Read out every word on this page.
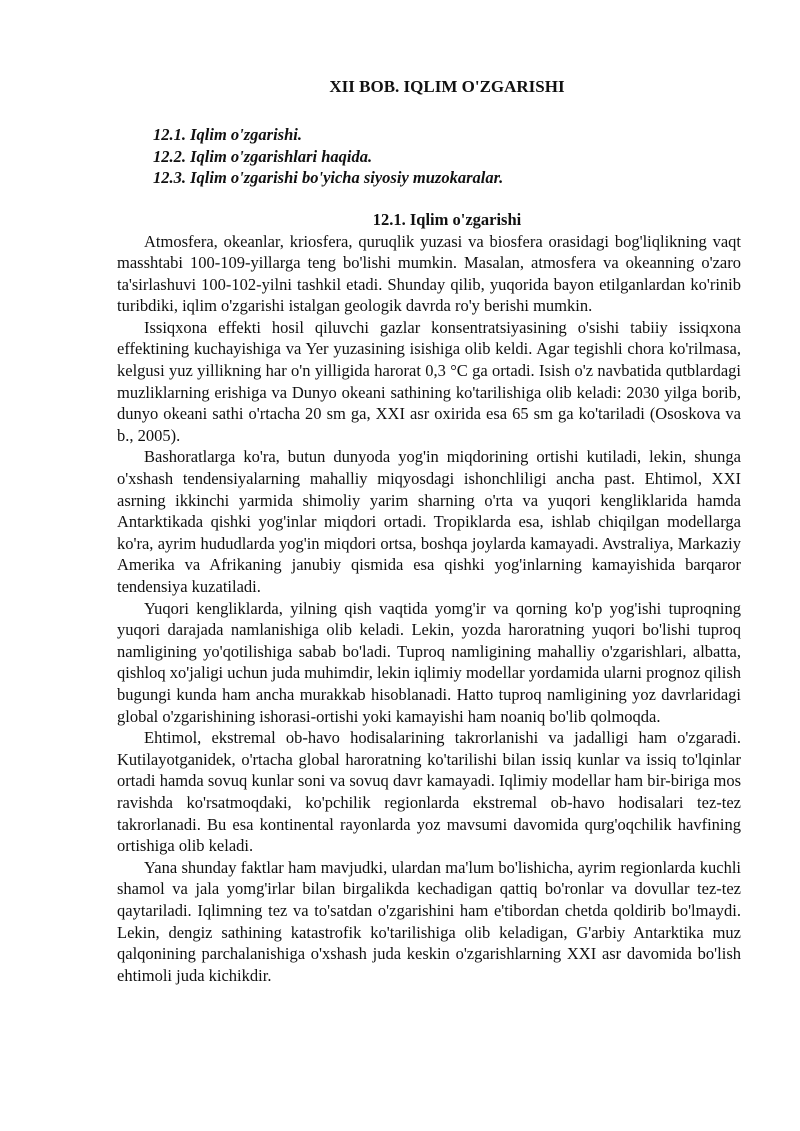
XII BOB. IQLIM O'ZGARISHI
12.1. Iqlim o'zgarishi.
12.2. Iqlim o'zgarishlari haqida.
12.3. Iqlim o'zgarishi bo'yicha siyosiy muzokaralar.
12.1. Iqlim o'zgarishi

Atmosfera, okeanlar, kriosfera, quruqlik yuzasi va biosfera orasidagi bog'liqlikning vaqt masshtabi 100-109-yillarga teng bo'lishi mumkin. Masalan, atmosfera va okeanning o'zaro ta'sirlashuvi 100-102-yilni tashkil etadi. Shunday qilib, yuqorida bayon etilganlardan ko'rinib turibdiki, iqlim o'zgarishi istalgan geologik davrda ro'y berishi mumkin.

Issiqxona effekti hosil qiluvchi gazlar konsentratsiyasining o'sishi tabiiy issiqxona effektining kuchayishiga va Yer yuzasining isishiga olib keldi. Agar tegishli chora ko'rilmasa, kelgusi yuz yillikning har o'n yilligida harorat 0,3 °C ga ortadi. Isish o'z navbatida qutblardagi muzliklarning erishiga va Dunyo okeani sathining ko'tarilishiga olib keladi: 2030 yilga borib, dunyo okeani sathi o'rtacha 20 sm ga, XXI asr oxirida esa 65 sm ga ko'tariladi (Ososkova va b., 2005).

Bashoratlarga ko'ra, butun dunyoda yog'in miqdorining ortishi kutiladi, lekin, shunga o'xshash tendensiyalarning mahalliy miqyosdagi ishonchliligi ancha past. Ehtimol, XXI asrning ikkinchi yarmida shimoliy yarim sharning o'rta va yuqori kengliklarida hamda Antarktikada qishki yog'inlar miqdori ortadi. Tropiklarda esa, ishlab chiqilgan modellarga ko'ra, ayrim hududlarda yog'in miqdori ortsa, boshqa joylarda kamayadi. Avstraliya, Markaziy Amerika va Afrikaning janubiy qismida esa qishki yog'inlarning kamayishida barqaror tendensiya kuzatiladi.

Yuqori kengliklarda, yilning qish vaqtida yomg'ir va qorning ko'p yog'ishi tuproqning yuqori darajada namlanishiga olib keladi. Lekin, yozda haroratning yuqori bo'lishi tuproq namligining yo'qotilishiga sabab bo'ladi. Tuproq namligining mahalliy o'zgarishlari, albatta, qishloq xo'jaligi uchun juda muhimdir, lekin iqlimiy modellar yordamida ularni prognoz qilish bugungi kunda ham ancha murakkab hisoblanadi. Hatto tuproq namligining yoz davrlaridagi global o'zgarishining ishorasi-ortishi yoki kamayishi ham noaniq bo'lib qolmoqda.

Ehtimol, ekstremal ob-havo hodisalarining takrorlanishi va jadalligi ham o'zgaradi. Kutilayotganidek, o'rtacha global haroratning ko'tarilishi bilan issiq kunlar va issiq to'lqinlar ortadi hamda sovuq kunlar soni va sovuq davr kamayadi. Iqlimiy modellar ham bir-biriga mos ravishda ko'rsatmoqdaki, ko'pchilik regionlarda ekstremal ob-havo hodisalari tez-tez takrorlanadi. Bu esa kontinental rayonlarda yoz mavsumi davomida qurg'oqchilik havfining ortishiga olib keladi.

Yana shunday faktlar ham mavjudki, ulardan ma'lum bo'lishicha, ayrim regionlarda kuchli shamol va jala yomg'irlar bilan birgalikda kechadigan qattiq bo'ronlar va dovullar tez-tez qaytariladi. Iqlimning tez va to'satdan o'zgarishini ham e'tibordan chetda qoldirib bo'lmaydi. Lekin, dengiz sathining katastrofik ko'tarilishiga olib keladigan, G'arbiy Antarktika muz qalqonining parchalanishiga o'xshash juda keskin o'zgarishlarning XXI asr davomida bo'lish ehtimoli juda kichikdir.
